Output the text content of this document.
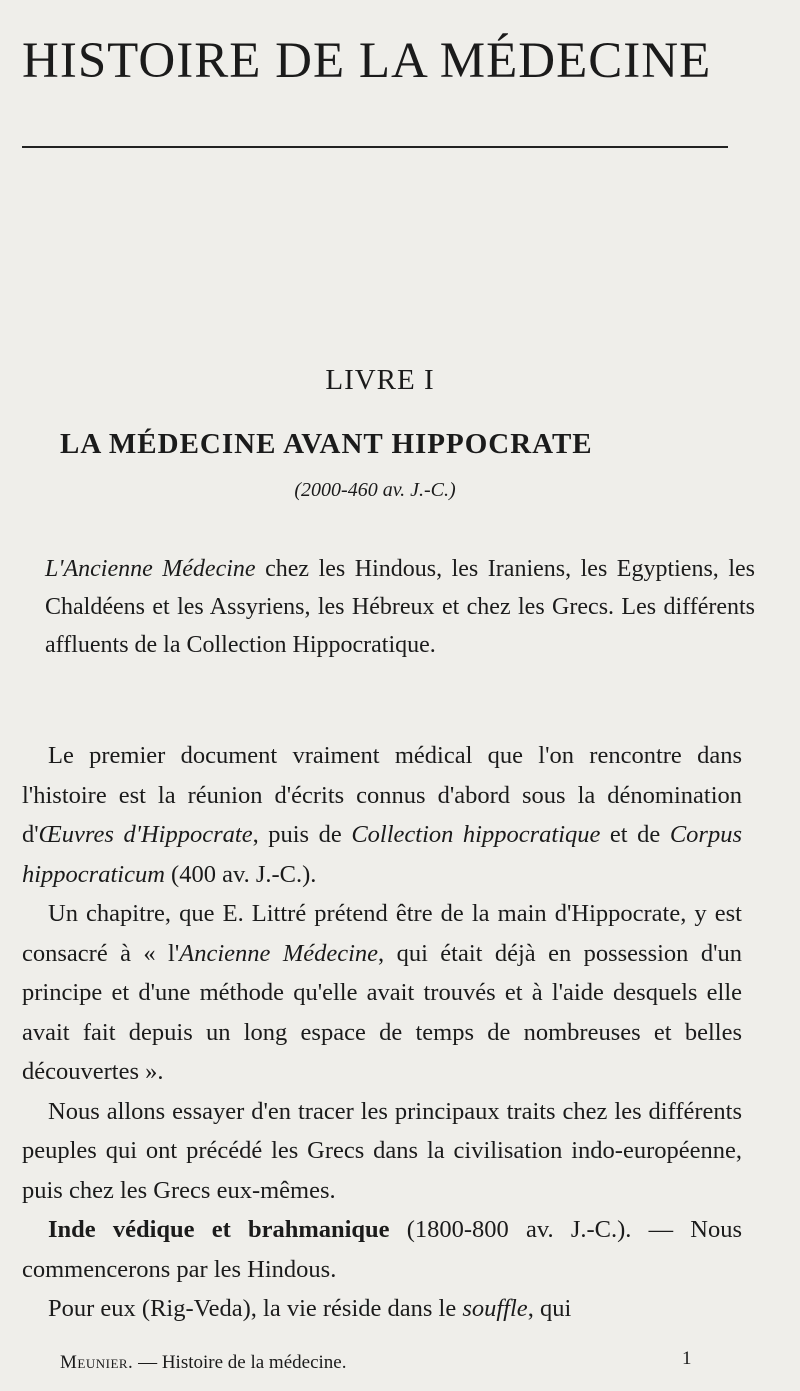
HISTOIRE DE LA MÉDECINE
LIVRE I
LA MÉDECINE AVANT HIPPOCRATE
(2000-460 av. J.-C.)
L'Ancienne Médecine chez les Hindous, les Iraniens, les Egyptiens, les Chaldéens et les Assyriens, les Hébreux et chez les Grecs. Les différents affluents de la Collection Hippocratique.

Le premier document vraiment médical que l'on rencontre dans l'histoire est la réunion d'écrits connus d'abord sous la dénomination d'Œuvres d'Hippocrate, puis de Collection hippocratique et de Corpus hippocraticum (400 av. J.-C.).

Un chapitre, que E. Littré prétend être de la main d'Hippocrate, y est consacré à « l'Ancienne Médecine, qui était déjà en possession d'un principe et d'une méthode qu'elle avait trouvés et à l'aide desquels elle avait fait depuis un long espace de temps de nombreuses et belles découvertes ».

Nous allons essayer d'en tracer les principaux traits chez les différents peuples qui ont précédé les Grecs dans la civilisation indo-européenne, puis chez les Grecs eux-mêmes.

Inde védique et brahmanique (1800-800 av. J.-C.). — Nous commencerons par les Hindous.

Pour eux (Rig-Veda), la vie réside dans le souffle, qui

Meunier. — Histoire de la médecine.	1
